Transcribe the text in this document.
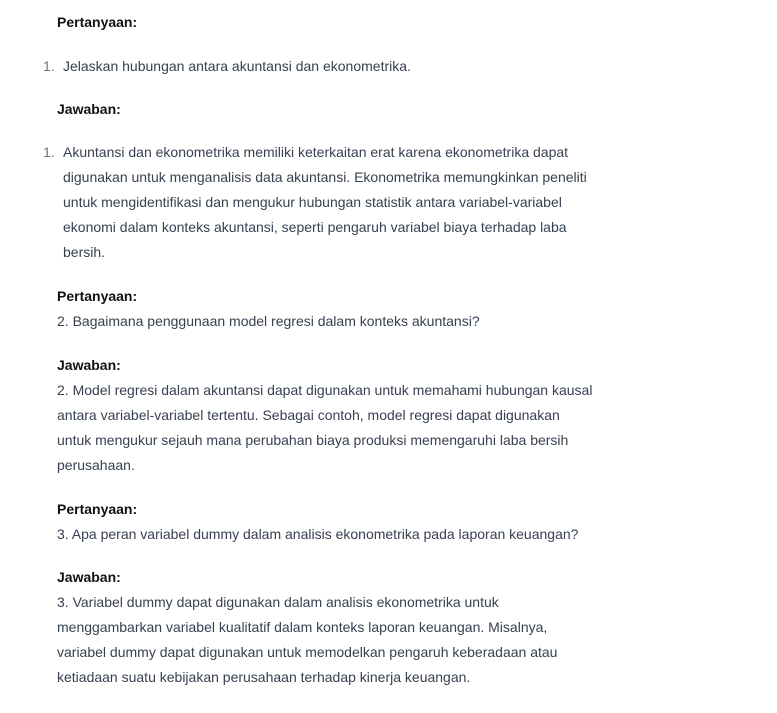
Pertanyaan:
1. Jelaskan hubungan antara akuntansi dan ekonometrika.
Jawaban:
1. Akuntansi dan ekonometrika memiliki keterkaitan erat karena ekonometrika dapat
digunakan untuk menganalisis data akuntansi. Ekonometrika memungkinkan peneliti
untuk mengidentifikasi dan mengukur hubungan statistik antara variabel-variabel
ekonomi dalam konteks akuntansi, seperti pengaruh variabel biaya terhadap laba
bersih.
Pertanyaan:
2. Bagaimana penggunaan model regresi dalam konteks akuntansi?
Jawaban:
2. Model regresi dalam akuntansi dapat digunakan untuk memahami hubungan kausal
antara variabel-variabel tertentu. Sebagai contoh, model regresi dapat digunakan
untuk mengukur sejauh mana perubahan biaya produksi memengaruhi laba bersih
perusahaan.
Pertanyaan:
3. Apa peran variabel dummy dalam analisis ekonometrika pada laporan keuangan?
Jawaban:
3. Variabel dummy dapat digunakan dalam analisis ekonometrika untuk
menggambarkan variabel kualitatif dalam konteks laporan keuangan. Misalnya,
variabel dummy dapat digunakan untuk memodelkan pengaruh keberadaan atau
ketiadaan suatu kebijakan perusahaan terhadap kinerja keuangan.
